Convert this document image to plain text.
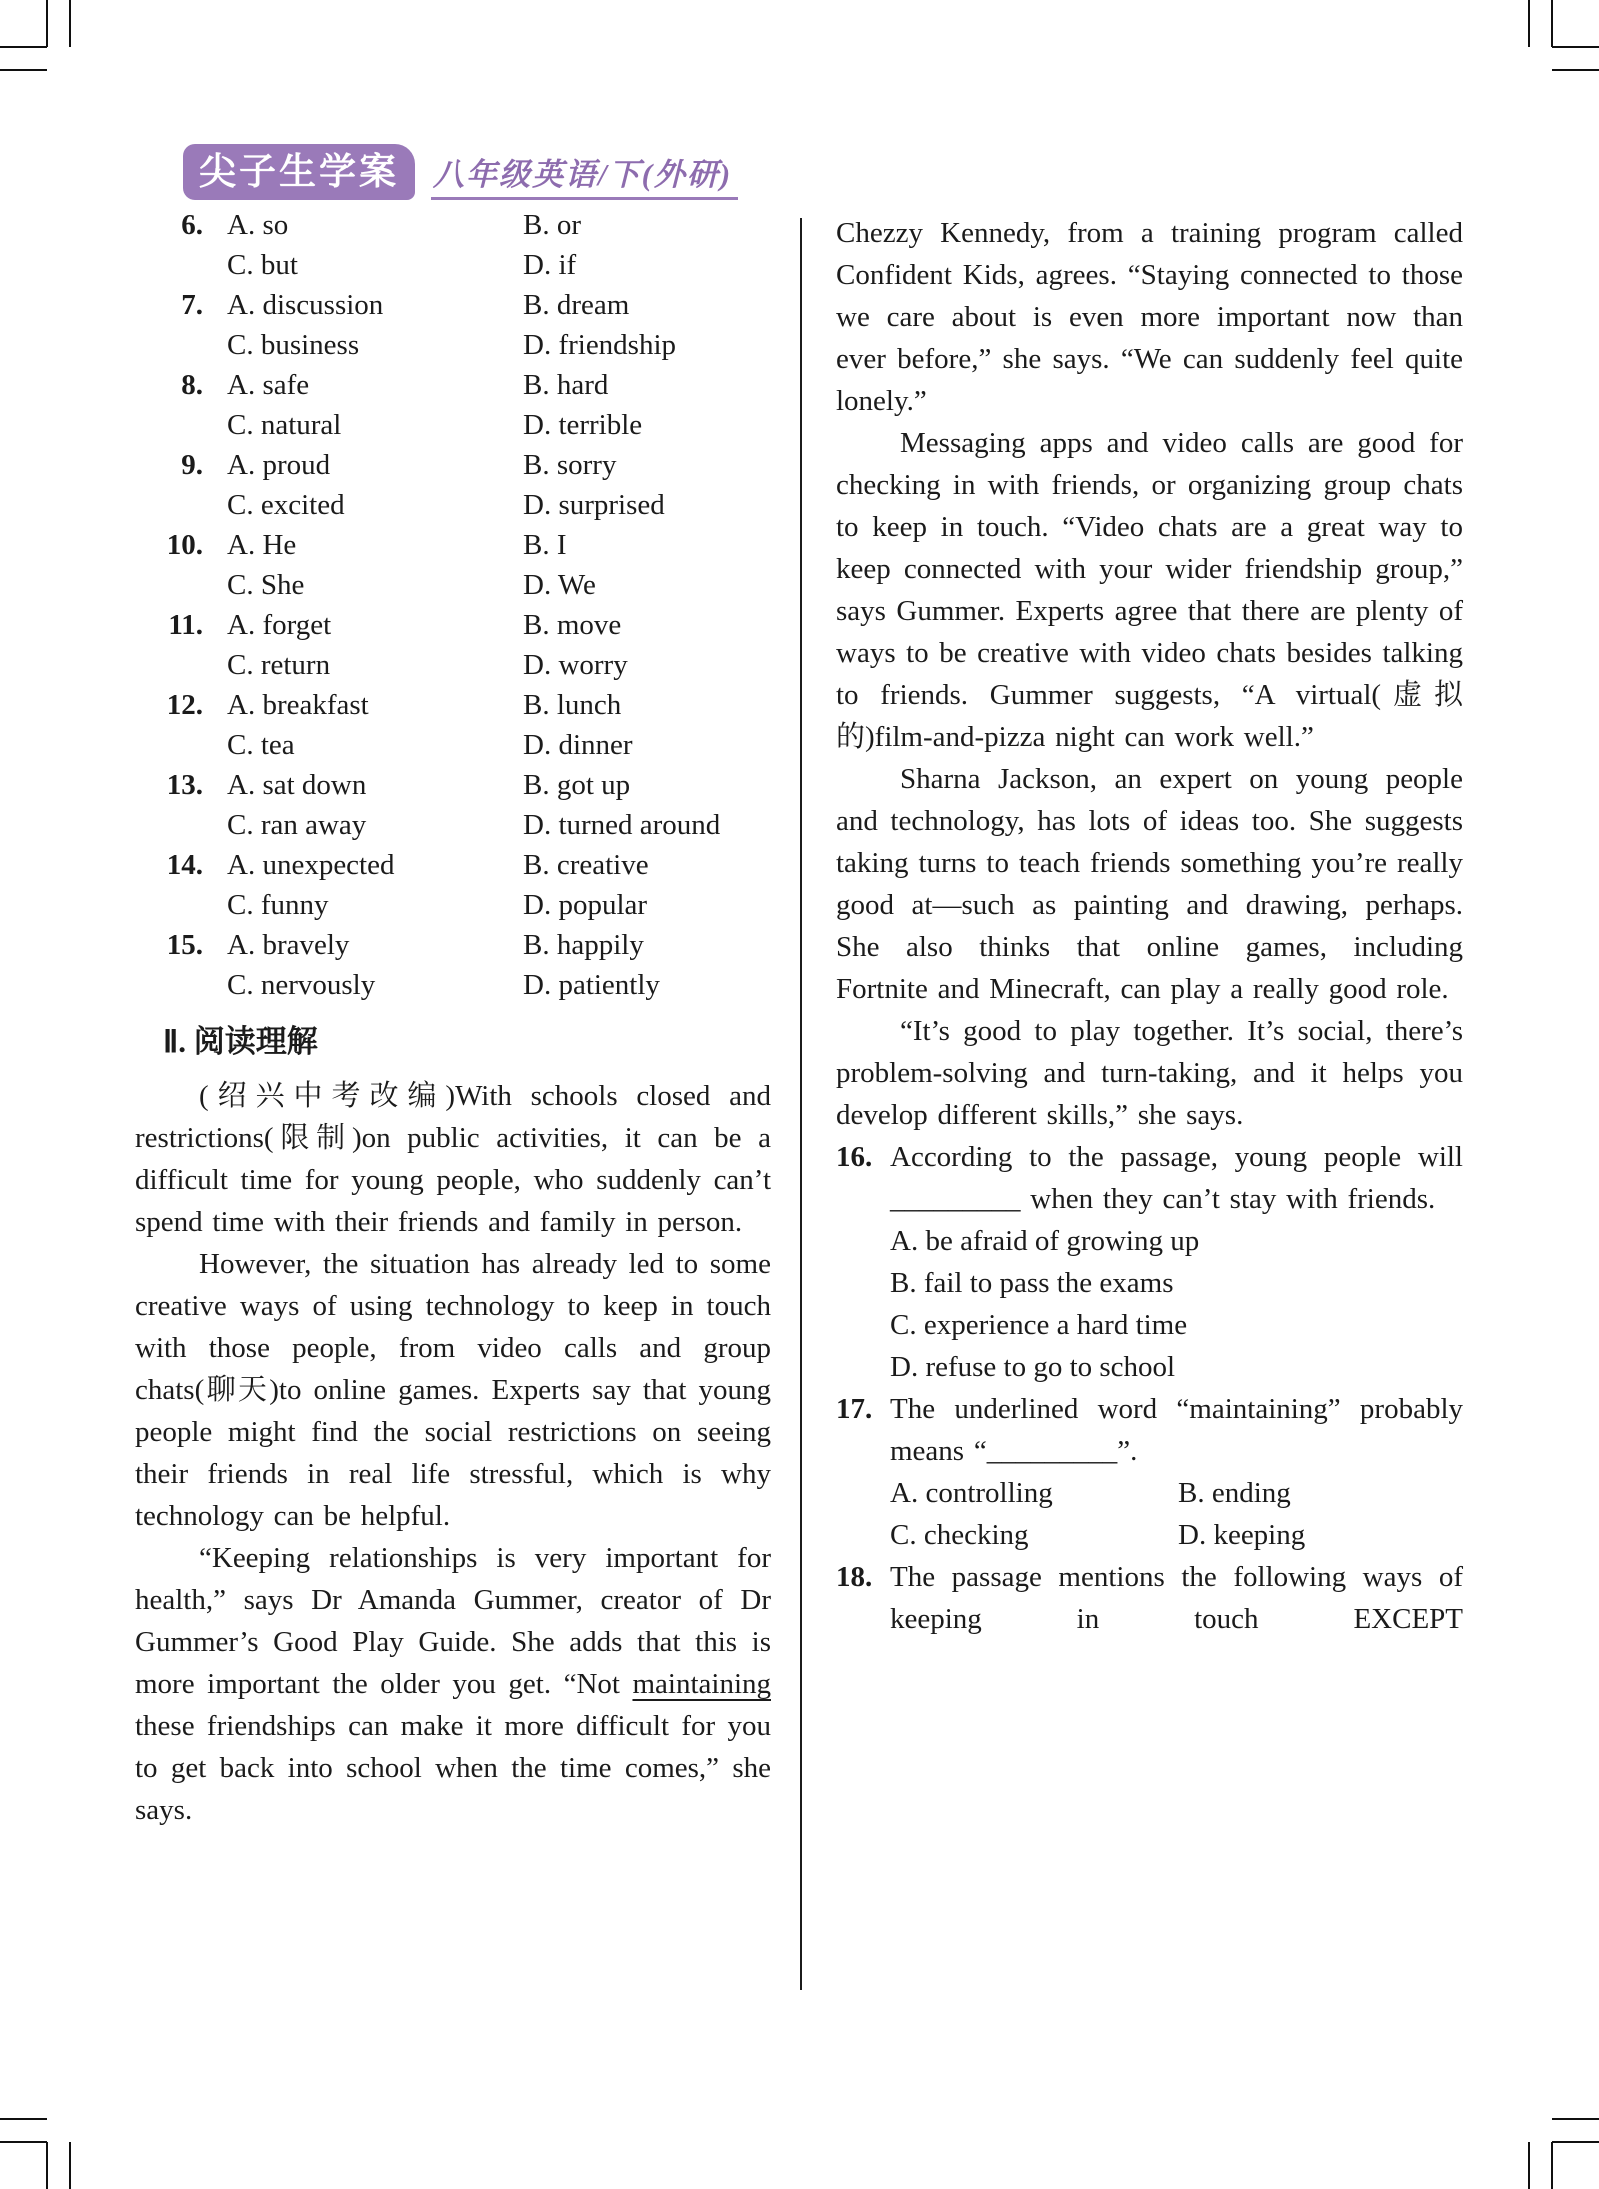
尖子生学案	八年级英语/下(外研)
6. A. so	B. or
C. but	D. if
7. A. discussion	B. dream
C. business	D. friendship
8. A. safe	B. hard
C. natural	D. terrible
9. A. proud	B. sorry
C. excited	D. surprised
10. A. He	B. I
C. She	D. We
11. A. forget	B. move
C. return	D. worry
12. A. breakfast	B. lunch
C. tea	D. dinner
13. A. sat down	B. got up
C. ran away	D. turned around
14. A. unexpected	B. creative
C. funny	D. popular
15. A. bravely	B. happily
C. nervously	D. patiently
Ⅱ. 阅读理解

(绍兴中考改编)With schools closed and restrictions(限制)on public activities, it can be a difficult time for young people, who suddenly can’t spend time with their friends and family in person.

However, the situation has already led to some creative ways of using technology to keep in touch with those people, from video calls and group chats(聊天)to online games. Experts say that young people might find the social restrictions on seeing their friends in real life stressful, which is why technology can be helpful.

“Keeping relationships is very important for health,” says Dr Amanda Gummer, creator of Dr Gummer’s Good Play Guide. She adds that this is more important the older you get. “Not maintaining these friendships can make it more difficult for you to get back into school when the time comes,” she says.

Chezzy Kennedy, from a training program called Confident Kids, agrees. “Staying connected to those we care about is even more important now than ever before,” she says. “We can suddenly feel quite lonely.”

Messaging apps and video calls are good for checking in with friends, or organizing group chats to keep in touch. “Video chats are a great way to keep connected with your wider friendship group,” says Gummer. Experts agree that there are plenty of ways to be creative with video chats besides talking to friends. Gummer suggests, “A virtual(虚拟的)film-and-pizza night can work well.”

Sharna Jackson, an expert on young people and technology, has lots of ideas too. She suggests taking turns to teach friends something you’re really good at—such as painting and drawing, perhaps. She also thinks that online games, including Fortnite and Minecraft, can play a really good role.

“It’s good to play together. It’s social, there’s problem-solving and turn-taking, and it helps you develop different skills,” she says.

16. According to the passage, young people will _________ when they can’t stay with friends.

A. be afraid of growing up

B. fail to pass the exams

C. experience a hard time

D. refuse to go to school

17. The underlined word “maintaining” probably means “_________”.

A. controlling	B. ending

C. checking	D. keeping

18. The passage mentions the following ways of keeping in touch EXCEPT
